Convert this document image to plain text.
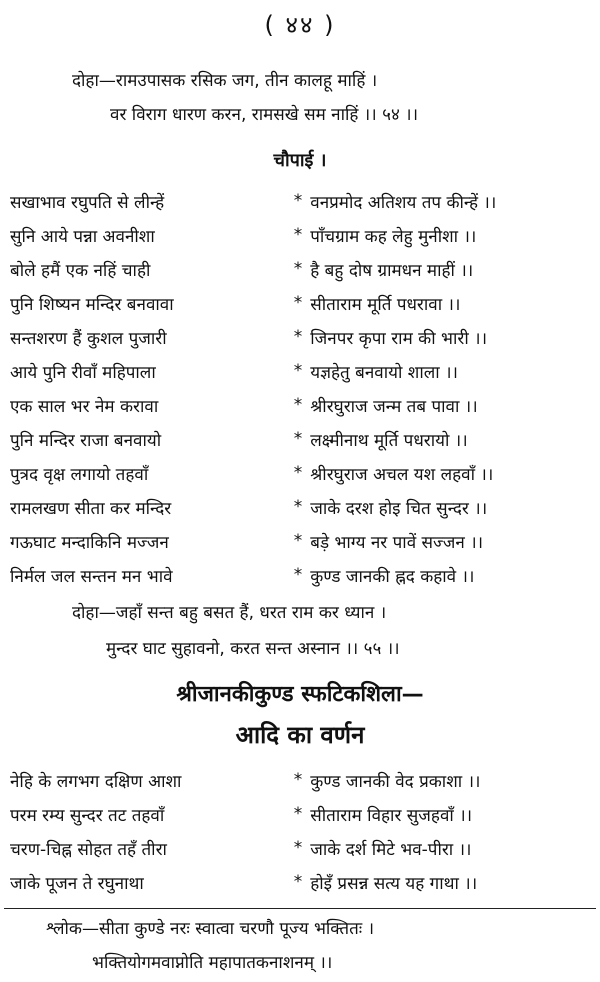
( ४४ )
दोहा—रामउपासक रसिक जग, तीन कालहू माहिं ।
वर विराग धारण करन, रामसखे सम नाहिं ।। ५४ ।।
चौपाई ।
सखाभाव रघुपति से लीन्हें	* वनप्रमोद अतिशय तप कीन्हें ।।
सुनि आये पन्ना अवनीशा	* पाँचग्राम कह लेहु मुनीशा ।।
बोले हमैं एक नहिं चाही	* है बहु दोष ग्रामधन माहीं ।।
पुनि शिष्यन मन्दिर बनवावा	* सीताराम मूर्ति पधरावा ।।
सन्तशरण हैं कुशल पुजारी	* जिनपर कृपा राम की भारी ।।
आये पुनि रीवाँ महिपाला	* यज्ञहेतु बनवायो शाला ।।
एक साल भर नेम करावा	* श्रीरघुराज जन्म तब पावा ।।
पुनि मन्दिर राजा बनवायो	* लक्ष्मीनाथ मूर्ति पधरायो ।।
पुत्रद वृक्ष लगायो तहवाँ	* श्रीरघुराज अचल यश लहवाँ ।।
रामलखण सीता कर मन्दिर	* जाके दरश होइ चित सुन्दर ।।
गऊघाट मन्दाकिनि मज्जन	* बड़े भाग्य नर पावें सज्जन ।।
निर्मल जल सन्तन मन भावे	* कुण्ड जानकी ह्नद कहावे ।।
दोहा—जहाँ सन्त बहु बसत हैं, धरत राम कर ध्यान ।
मुन्दर घाट सुहावनो, करत सन्त अस्नान ।। ५५ ।।
श्रीजानकीकुण्ड स्फटिकशिला—
आदि का वर्णन
नेहि के लगभग दक्षिण आशा	* कुण्ड जानकी वेद प्रकाशा ।।
परम रम्य सुन्दर तट तहवाँ	* सीताराम विहार सुजहवाँ ।।
चरण-चिह्न सोहत तहँ तीरा	* जाके दर्श मिटे भव-पीरा ।।
जाके पूजन ते रघुनाथा	* होइँ प्रसन्न सत्य यह गाथा ।।
श्लोक—सीता कुण्डे नरः स्वात्वा चरणौ पूज्य भक्तितः ।
भक्तियोगमवाप्नोति महापातकनाशनम् ।।
